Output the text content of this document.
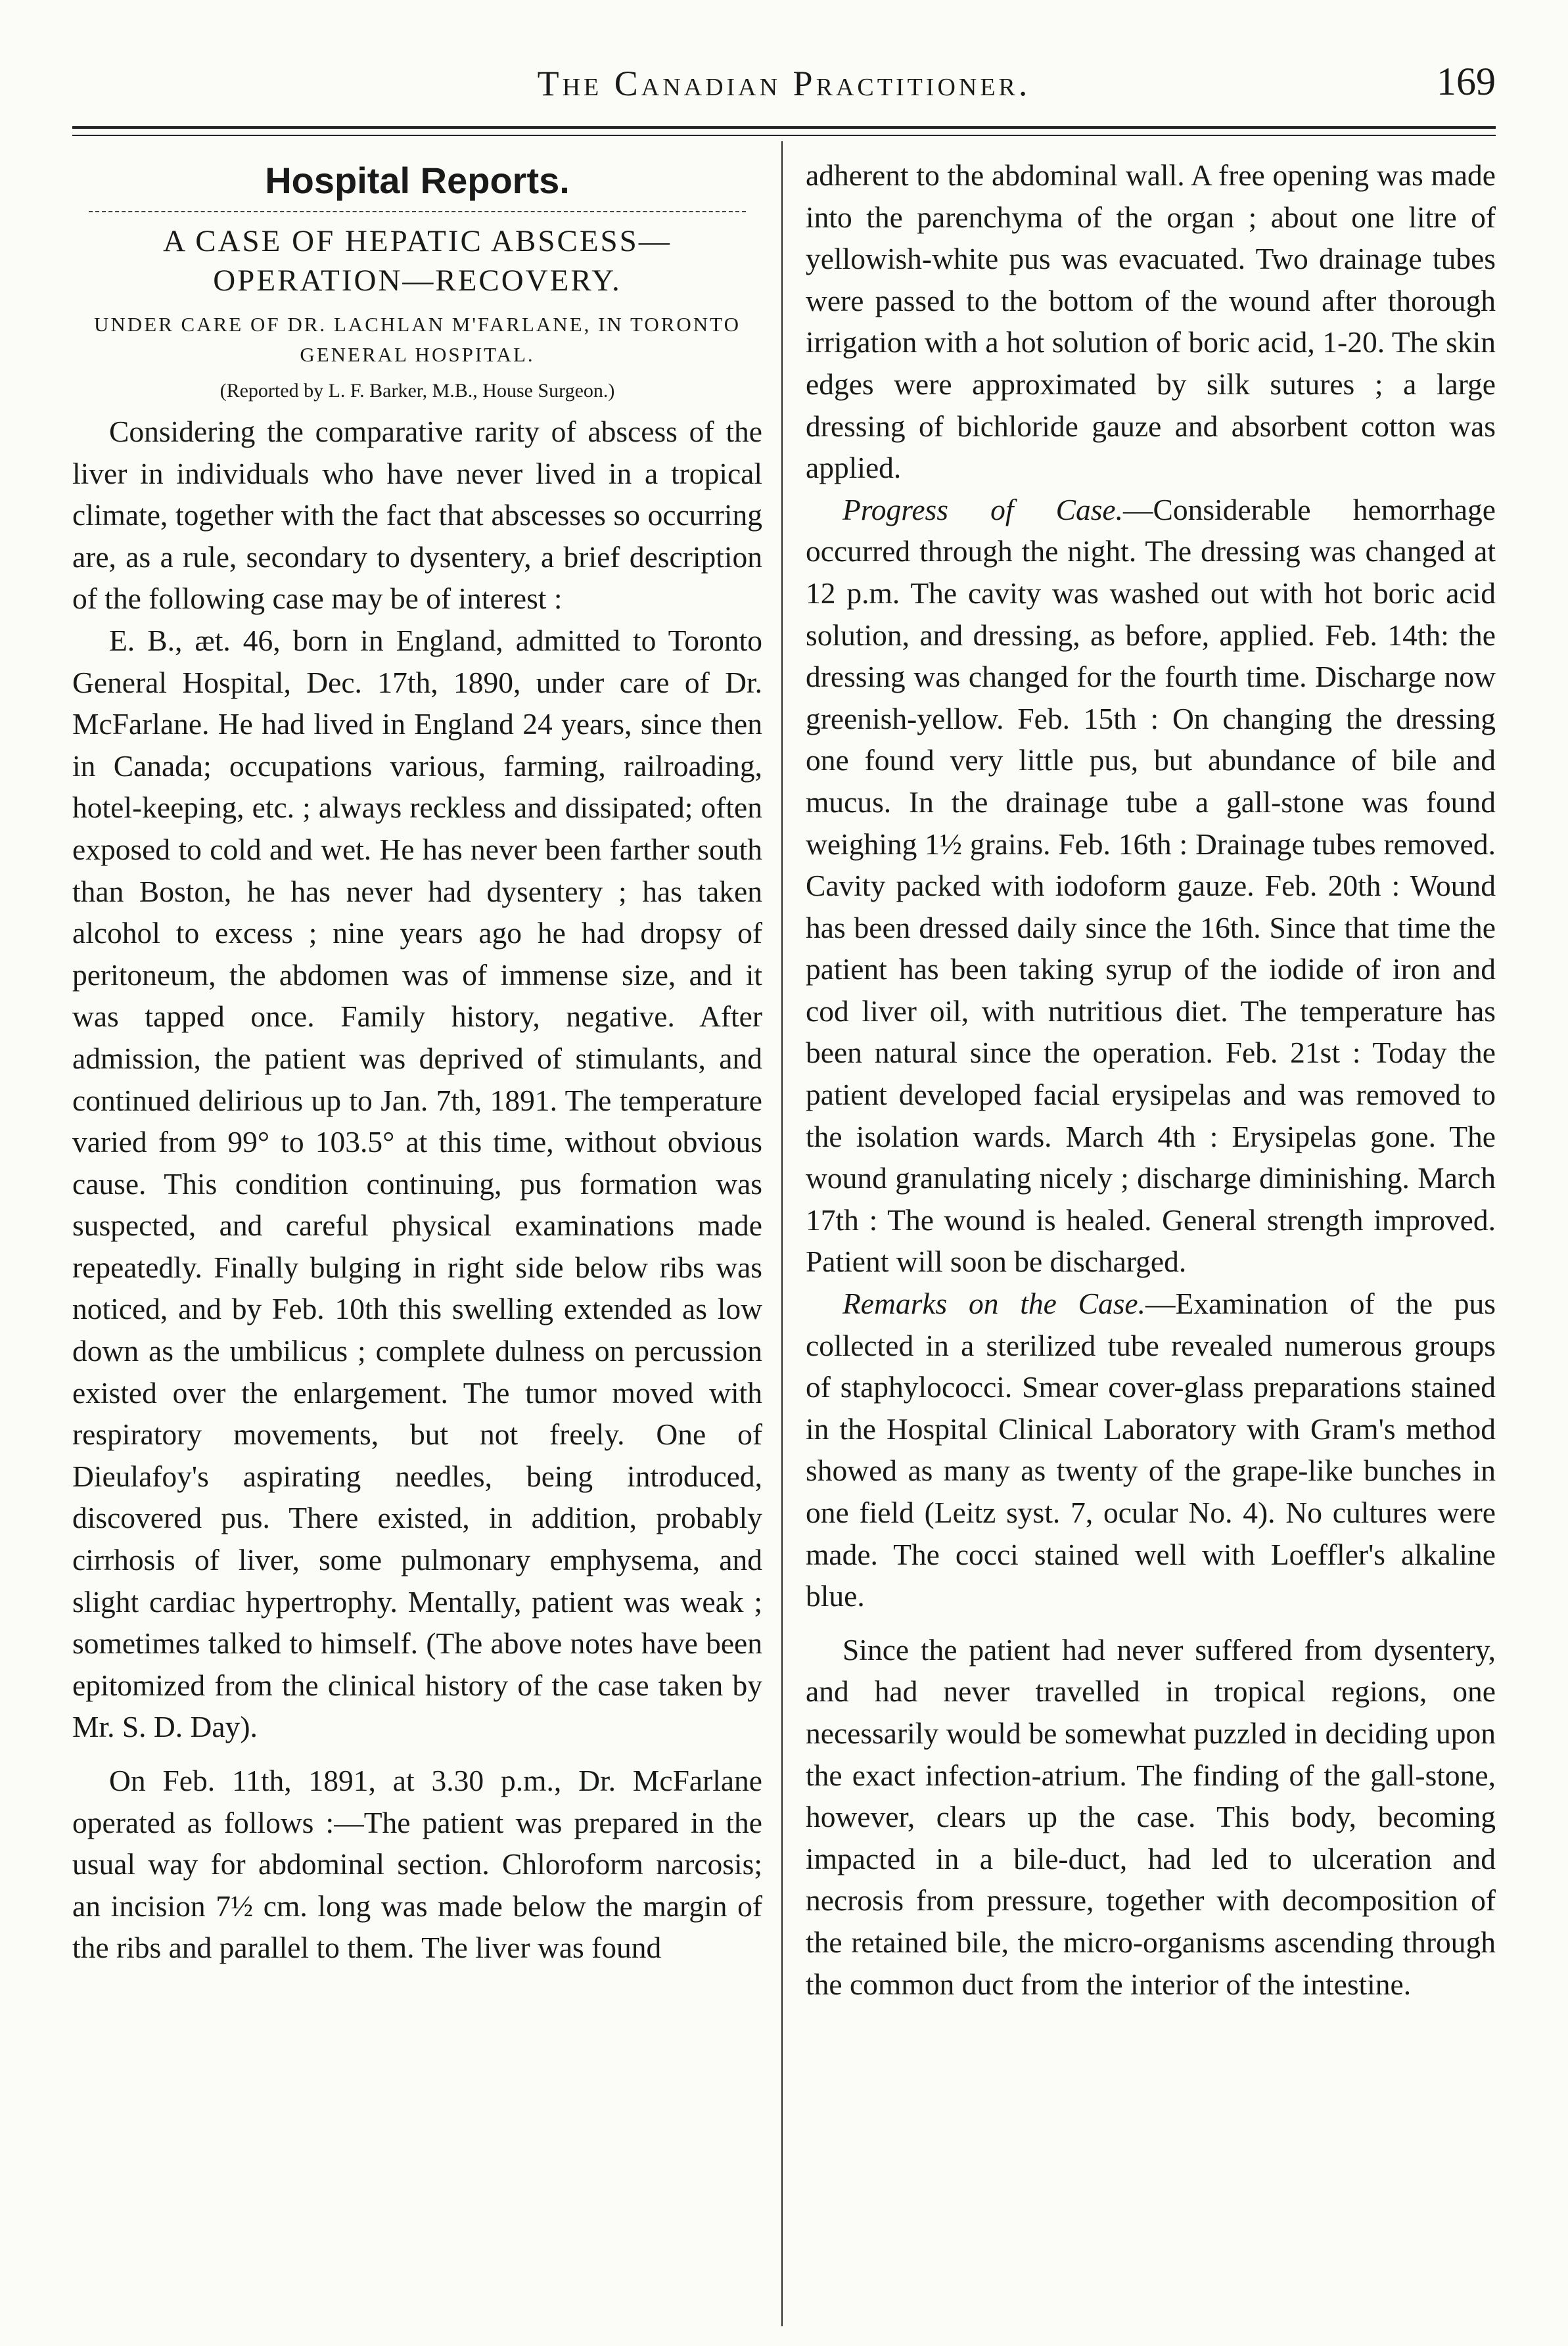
The Canadian Practitioner.	169
Hospital Reports.
A CASE OF HEPATIC ABSCESS—OPERATION—RECOVERY.
UNDER CARE OF DR. LACHLAN M'FARLANE, IN TORONTO GENERAL HOSPITAL.
(Reported by L. F. Barker, M.B., House Surgeon.)

Considering the comparative rarity of abscess of the liver in individuals who have never lived in a tropical climate, together with the fact that abscesses so occurring are, as a rule, secondary to dysentery, a brief description of the following case may be of interest :

E. B., æt. 46, born in England, admitted to Toronto General Hospital, Dec. 17th, 1890, under care of Dr. McFarlane. He had lived in England 24 years, since then in Canada; occupations various, farming, railroading, hotel-keeping, etc. ; always reckless and dissipated; often exposed to cold and wet. He has never been farther south than Boston, he has never had dysentery ; has taken alcohol to excess ; nine years ago he had dropsy of peritoneum, the abdomen was of immense size, and it was tapped once. Family history, negative. After admission, the patient was deprived of stimulants, and continued delirious up to Jan. 7th, 1891. The temperature varied from 99° to 103.5° at this time, without obvious cause. This condition continuing, pus formation was suspected, and careful physical examinations made repeatedly. Finally bulging in right side below ribs was noticed, and by Feb. 10th this swelling extended as low down as the umbilicus ; complete dulness on percussion existed over the enlargement. The tumor moved with respiratory movements, but not freely. One of Dieulafoy's aspirating needles, being introduced, discovered pus. There existed, in addition, probably cirrhosis of liver, some pulmonary emphysema, and slight cardiac hypertrophy. Mentally, patient was weak ; sometimes talked to himself. (The above notes have been epitomized from the clinical history of the case taken by Mr. S. D. Day).

On Feb. 11th, 1891, at 3.30 p.m., Dr. McFarlane operated as follows :—The patient was prepared in the usual way for abdominal section. Chloroform narcosis; an incision 7½ cm. long was made below the margin of the ribs and parallel to them. The liver was found

adherent to the abdominal wall. A free opening was made into the parenchyma of the organ ; about one litre of yellowish-white pus was evacuated. Two drainage tubes were passed to the bottom of the wound after thorough irrigation with a hot solution of boric acid, 1-20. The skin edges were approximated by silk sutures ; a large dressing of bichloride gauze and absorbent cotton was applied.

Progress of Case.—Considerable hemorrhage occurred through the night. The dressing was changed at 12 p.m. The cavity was washed out with hot boric acid solution, and dressing, as before, applied. Feb. 14th: the dressing was changed for the fourth time. Discharge now greenish-yellow. Feb. 15th : On changing the dressing one found very little pus, but abundance of bile and mucus. In the drainage tube a gall-stone was found weighing 1½ grains. Feb. 16th : Drainage tubes removed. Cavity packed with iodoform gauze. Feb. 20th : Wound has been dressed daily since the 16th. Since that time the patient has been taking syrup of the iodide of iron and cod liver oil, with nutritious diet. The temperature has been natural since the operation. Feb. 21st : Today the patient developed facial erysipelas and was removed to the isolation wards. March 4th : Erysipelas gone. The wound granulating nicely ; discharge diminishing. March 17th : The wound is healed. General strength improved. Patient will soon be discharged.

Remarks on the Case.—Examination of the pus collected in a sterilized tube revealed numerous groups of staphylococci. Smear cover-glass preparations stained in the Hospital Clinical Laboratory with Gram's method showed as many as twenty of the grape-like bunches in one field (Leitz syst. 7, ocular No. 4). No cultures were made. The cocci stained well with Loeffler's alkaline blue.

Since the patient had never suffered from dysentery, and had never travelled in tropical regions, one necessarily would be somewhat puzzled in deciding upon the exact infection-atrium. The finding of the gall-stone, however, clears up the case. This body, becoming impacted in a bile-duct, had led to ulceration and necrosis from pressure, together with decomposition of the retained bile, the micro-organisms ascending through the common duct from the interior of the intestine.
